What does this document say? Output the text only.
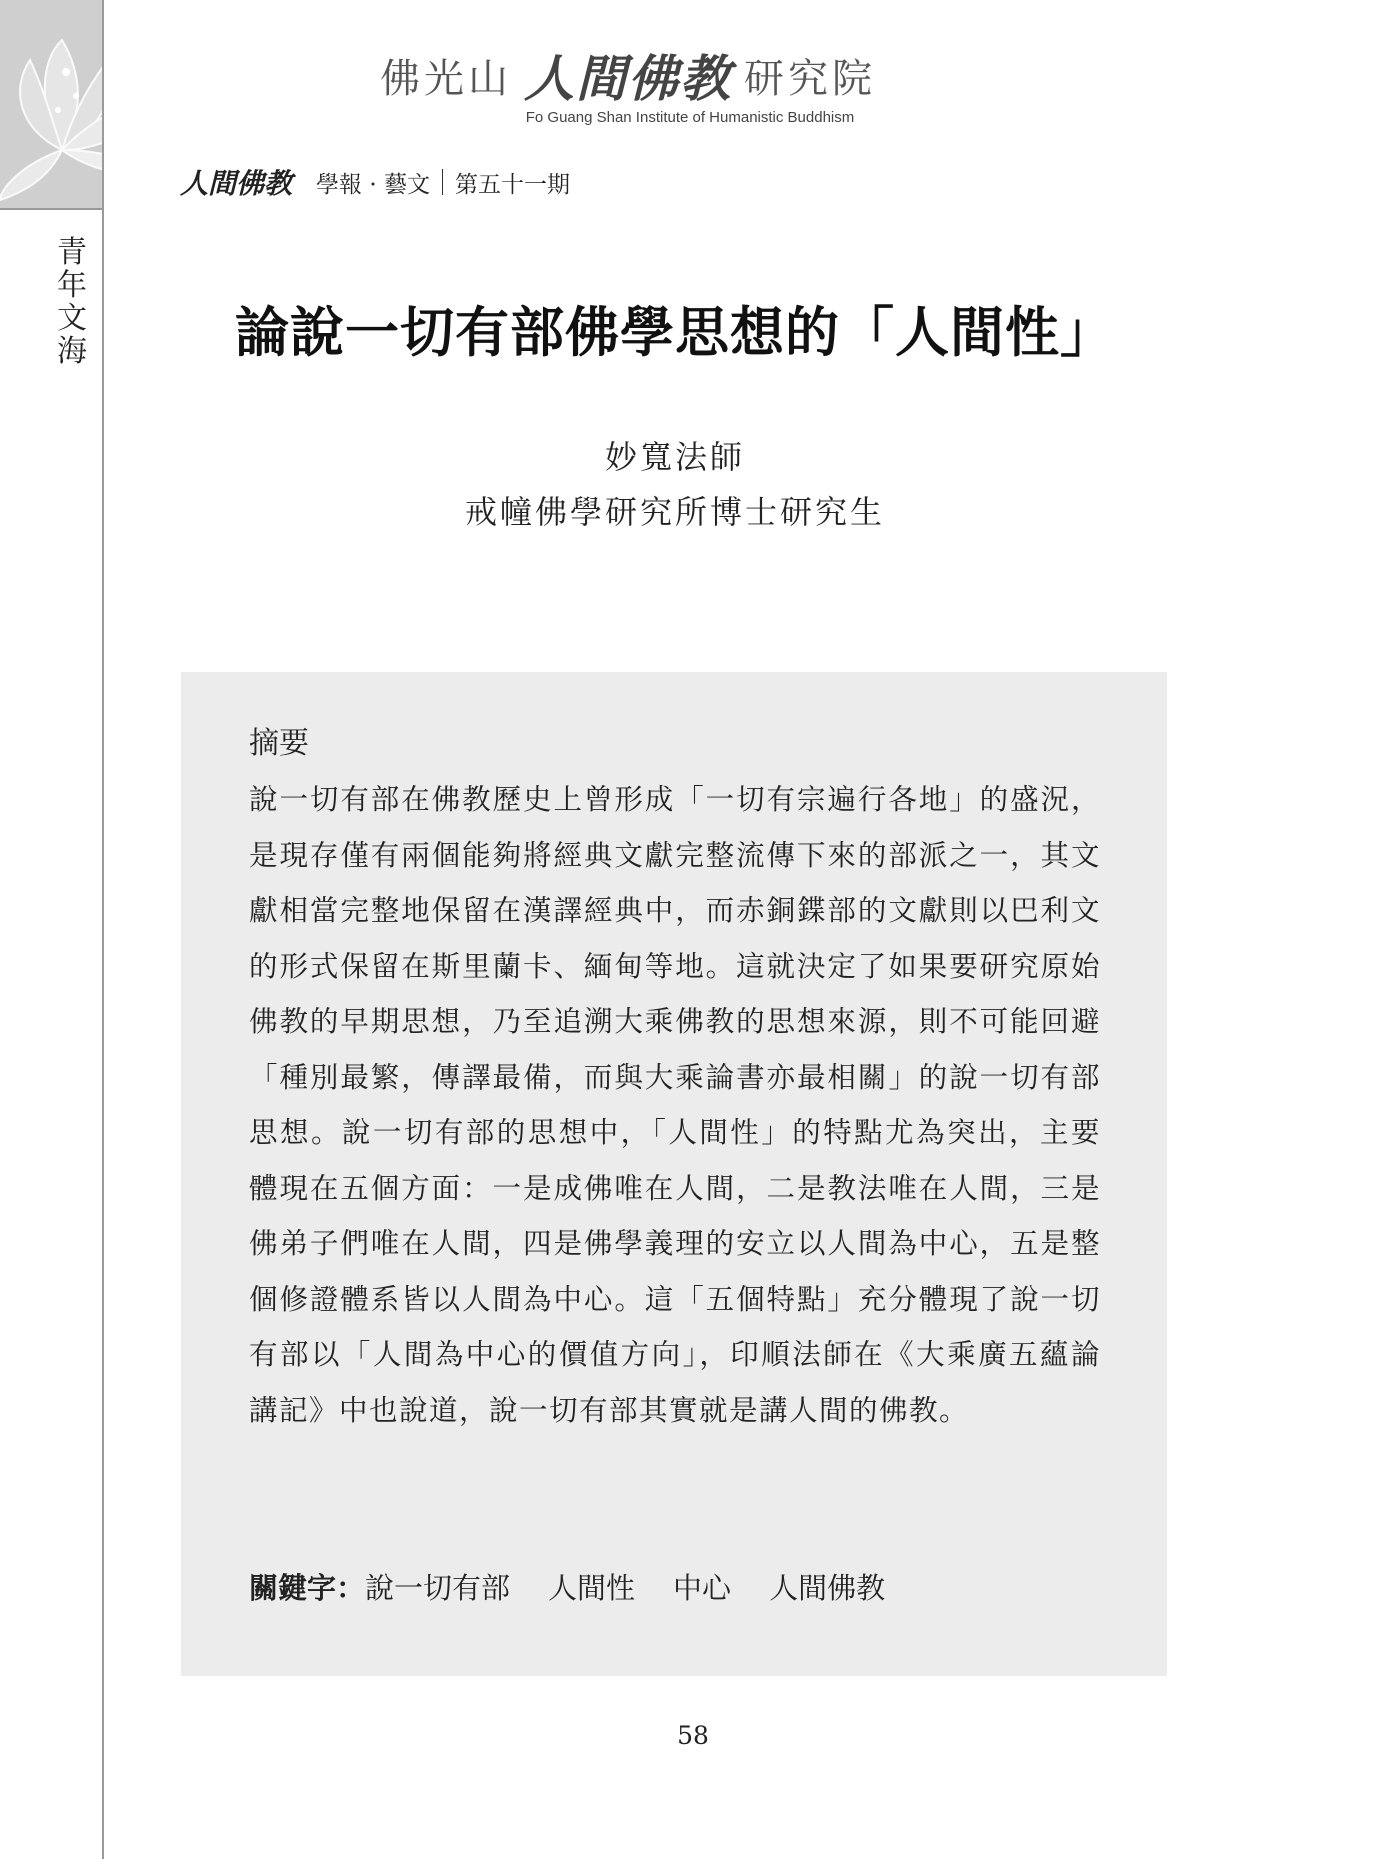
青
年
文
海
佛光山 人間佛教 研究院
Fo Guang Shan Institute of Humanistic Buddhism
人間佛教 學報 · 藝文 第五十一期
論說一切有部佛學思想的「人間性」
妙寬法師
戒幢佛學研究所博士研究生
摘要
說一切有部在佛教歷史上曾形成「一切有宗遍行各地」的盛況，是現存僅有兩個能夠將經典文獻完整流傳下來的部派之一，其文獻相當完整地保留在漢譯經典中，而赤銅鍱部的文獻則以巴利文的形式保留在斯里蘭卡、緬甸等地。這就決定了如果要研究原始佛教的早期思想，乃至追溯大乘佛教的思想來源，則不可能回避「種別最繁，傳譯最備，而與大乘論書亦最相關」的說一切有部思想。說一切有部的思想中，「人間性」的特點尤為突出，主要體現在五個方面：一是成佛唯在人間，二是教法唯在人間，三是佛弟子們唯在人間，四是佛學義理的安立以人間為中心，五是整個修證體系皆以人間為中心。這「五個特點」充分體現了說一切有部以「人間為中心的價值方向」，印順法師在《大乘廣五蘊論講記》中也說道，說一切有部其實就是講人間的佛教。
關鍵字： 說一切有部 人間性 中心 人間佛教
58
